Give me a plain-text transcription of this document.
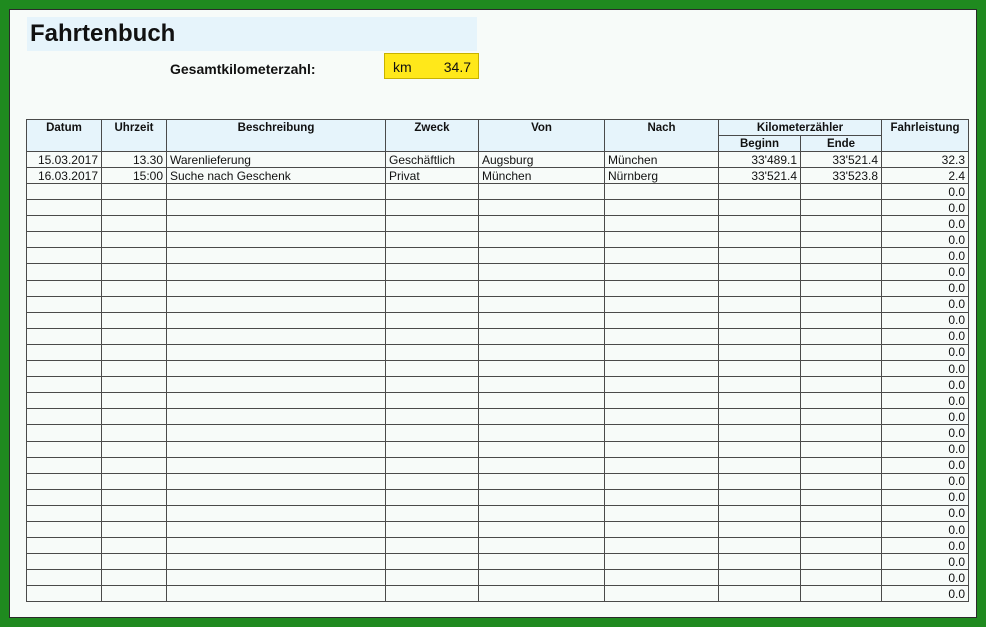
Fahrtenbuch
Gesamtkilometerzahl:	km 34.7
Datum	Uhrzeit	Beschreibung	Zweck	Von	Nach	Kilometerzähler		Fahrleistung
						Beginn	Ende	
15.03.2017	13.30	Warenlieferung	Geschäftlich	Augsburg	München	33'489.1	33'521.4	32.3
16.03.2017	15:00	Suche nach Geschenk	Privat	München	Nürnberg	33'521.4	33'523.8	2.4
								0.0
								0.0
								0.0
								0.0
								0.0
								0.0
								0.0
								0.0
								0.0
								0.0
								0.0
								0.0
								0.0
								0.0
								0.0
								0.0
								0.0
								0.0
								0.0
								0.0
								0.0
								0.0
								0.0
								0.0
								0.0
								0.0
